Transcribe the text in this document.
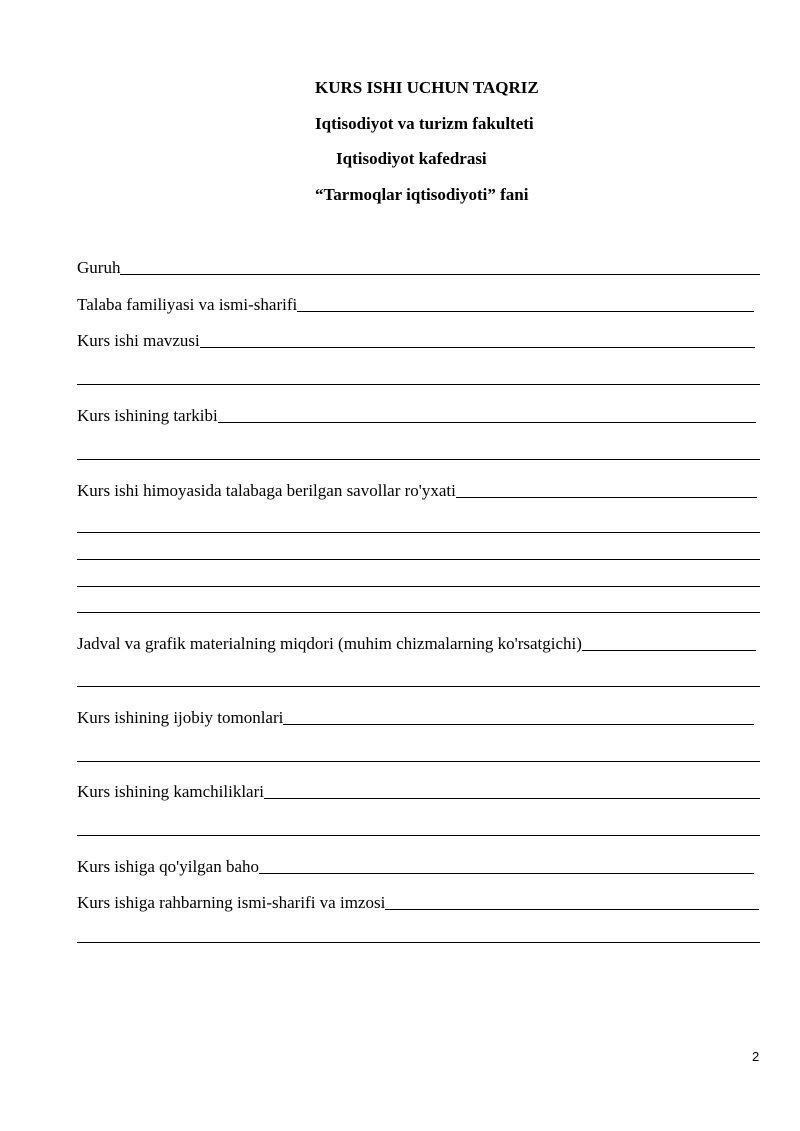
KURS ISHI UCHUN TAQRIZ
Iqtisodiyot va turizm fakulteti
Iqtisodiyot kafedrasi
“Tarmoqlar iqtisodiyoti” fani
Guruh
Talaba familiyasi va ismi-sharifi
Kurs ishi mavzusi
Kurs ishining tarkibi
Kurs ishi himoyasida talabaga berilgan savollar ro'yxati
Jadval va grafik materialning miqdori (muhim chizmalarning ko'rsatgichi)
Kurs ishining ijobiy tomonlari
Kurs ishining kamchiliklari
Kurs ishiga qo'yilgan baho
Kurs ishiga rahbarning ismi-sharifi va imzosi
2
